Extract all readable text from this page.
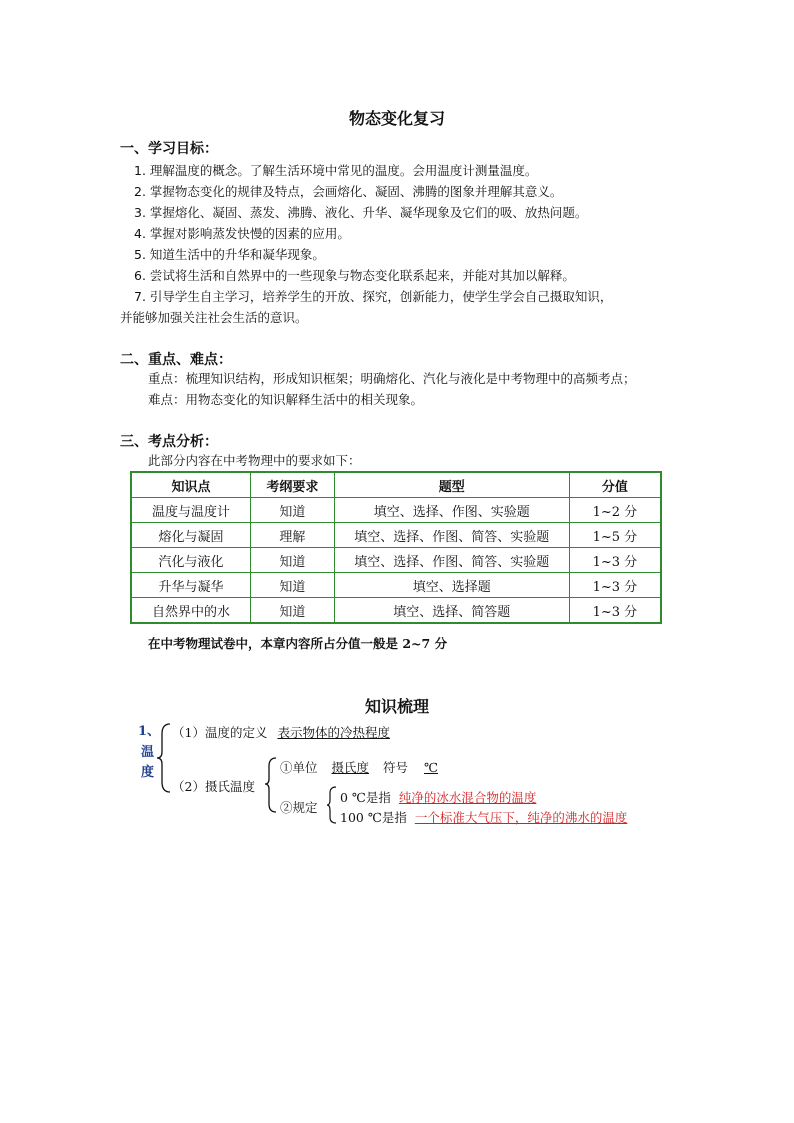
物态变化复习
一、学习目标：
1. 理解温度的概念。了解生活环境中常见的温度。会用温度计测量温度。
2. 掌握物态变化的规律及特点，会画熔化、凝固、沸腾的图象并理解其意义。
3. 掌握熔化、凝固、蒸发、沸腾、液化、升华、凝华现象及它们的吸、放热问题。
4. 掌握对影响蒸发快慢的因素的应用。
5. 知道生活中的升华和凝华现象。
6. 尝试将生活和自然界中的一些现象与物态变化联系起来，并能对其加以解释。
7. 引导学生自主学习，培养学生的开放、探究，创新能力，使学生学会自己摄取知识，
并能够加强关注社会生活的意识。
二、重点、难点：
重点：梳理知识结构，形成知识框架；明确熔化、汽化与液化是中考物理中的高频考点；
难点：用物态变化的知识解释生活中的相关现象。
三、考点分析：
此部分内容在中考物理中的要求如下：
知识点	考纲要求	题型	分值
温度与温度计	知道	填空、选择、作图、实验题	1~2 分
熔化与凝固	理解	填空、选择、作图、简答、实验题	1~5 分
汽化与液化	知道	填空、选择、作图、简答、实验题	1~3 分
升华与凝华	知道	填空、选择题	1~3 分
自然界中的水	知道	填空、选择、简答题	1~3 分
在中考物理试卷中，本章内容所占分值一般是 2~7 分
知识梳理
1、
温
度
（1）温度的定义 表示物体的冷热程度
（2）摄氏温度
①单位 摄氏度 符号 ℃
②规定
0 ℃是指 纯净的冰水混合物的温度
100 ℃是指 一个标准大气压下，纯净的沸水的温度
